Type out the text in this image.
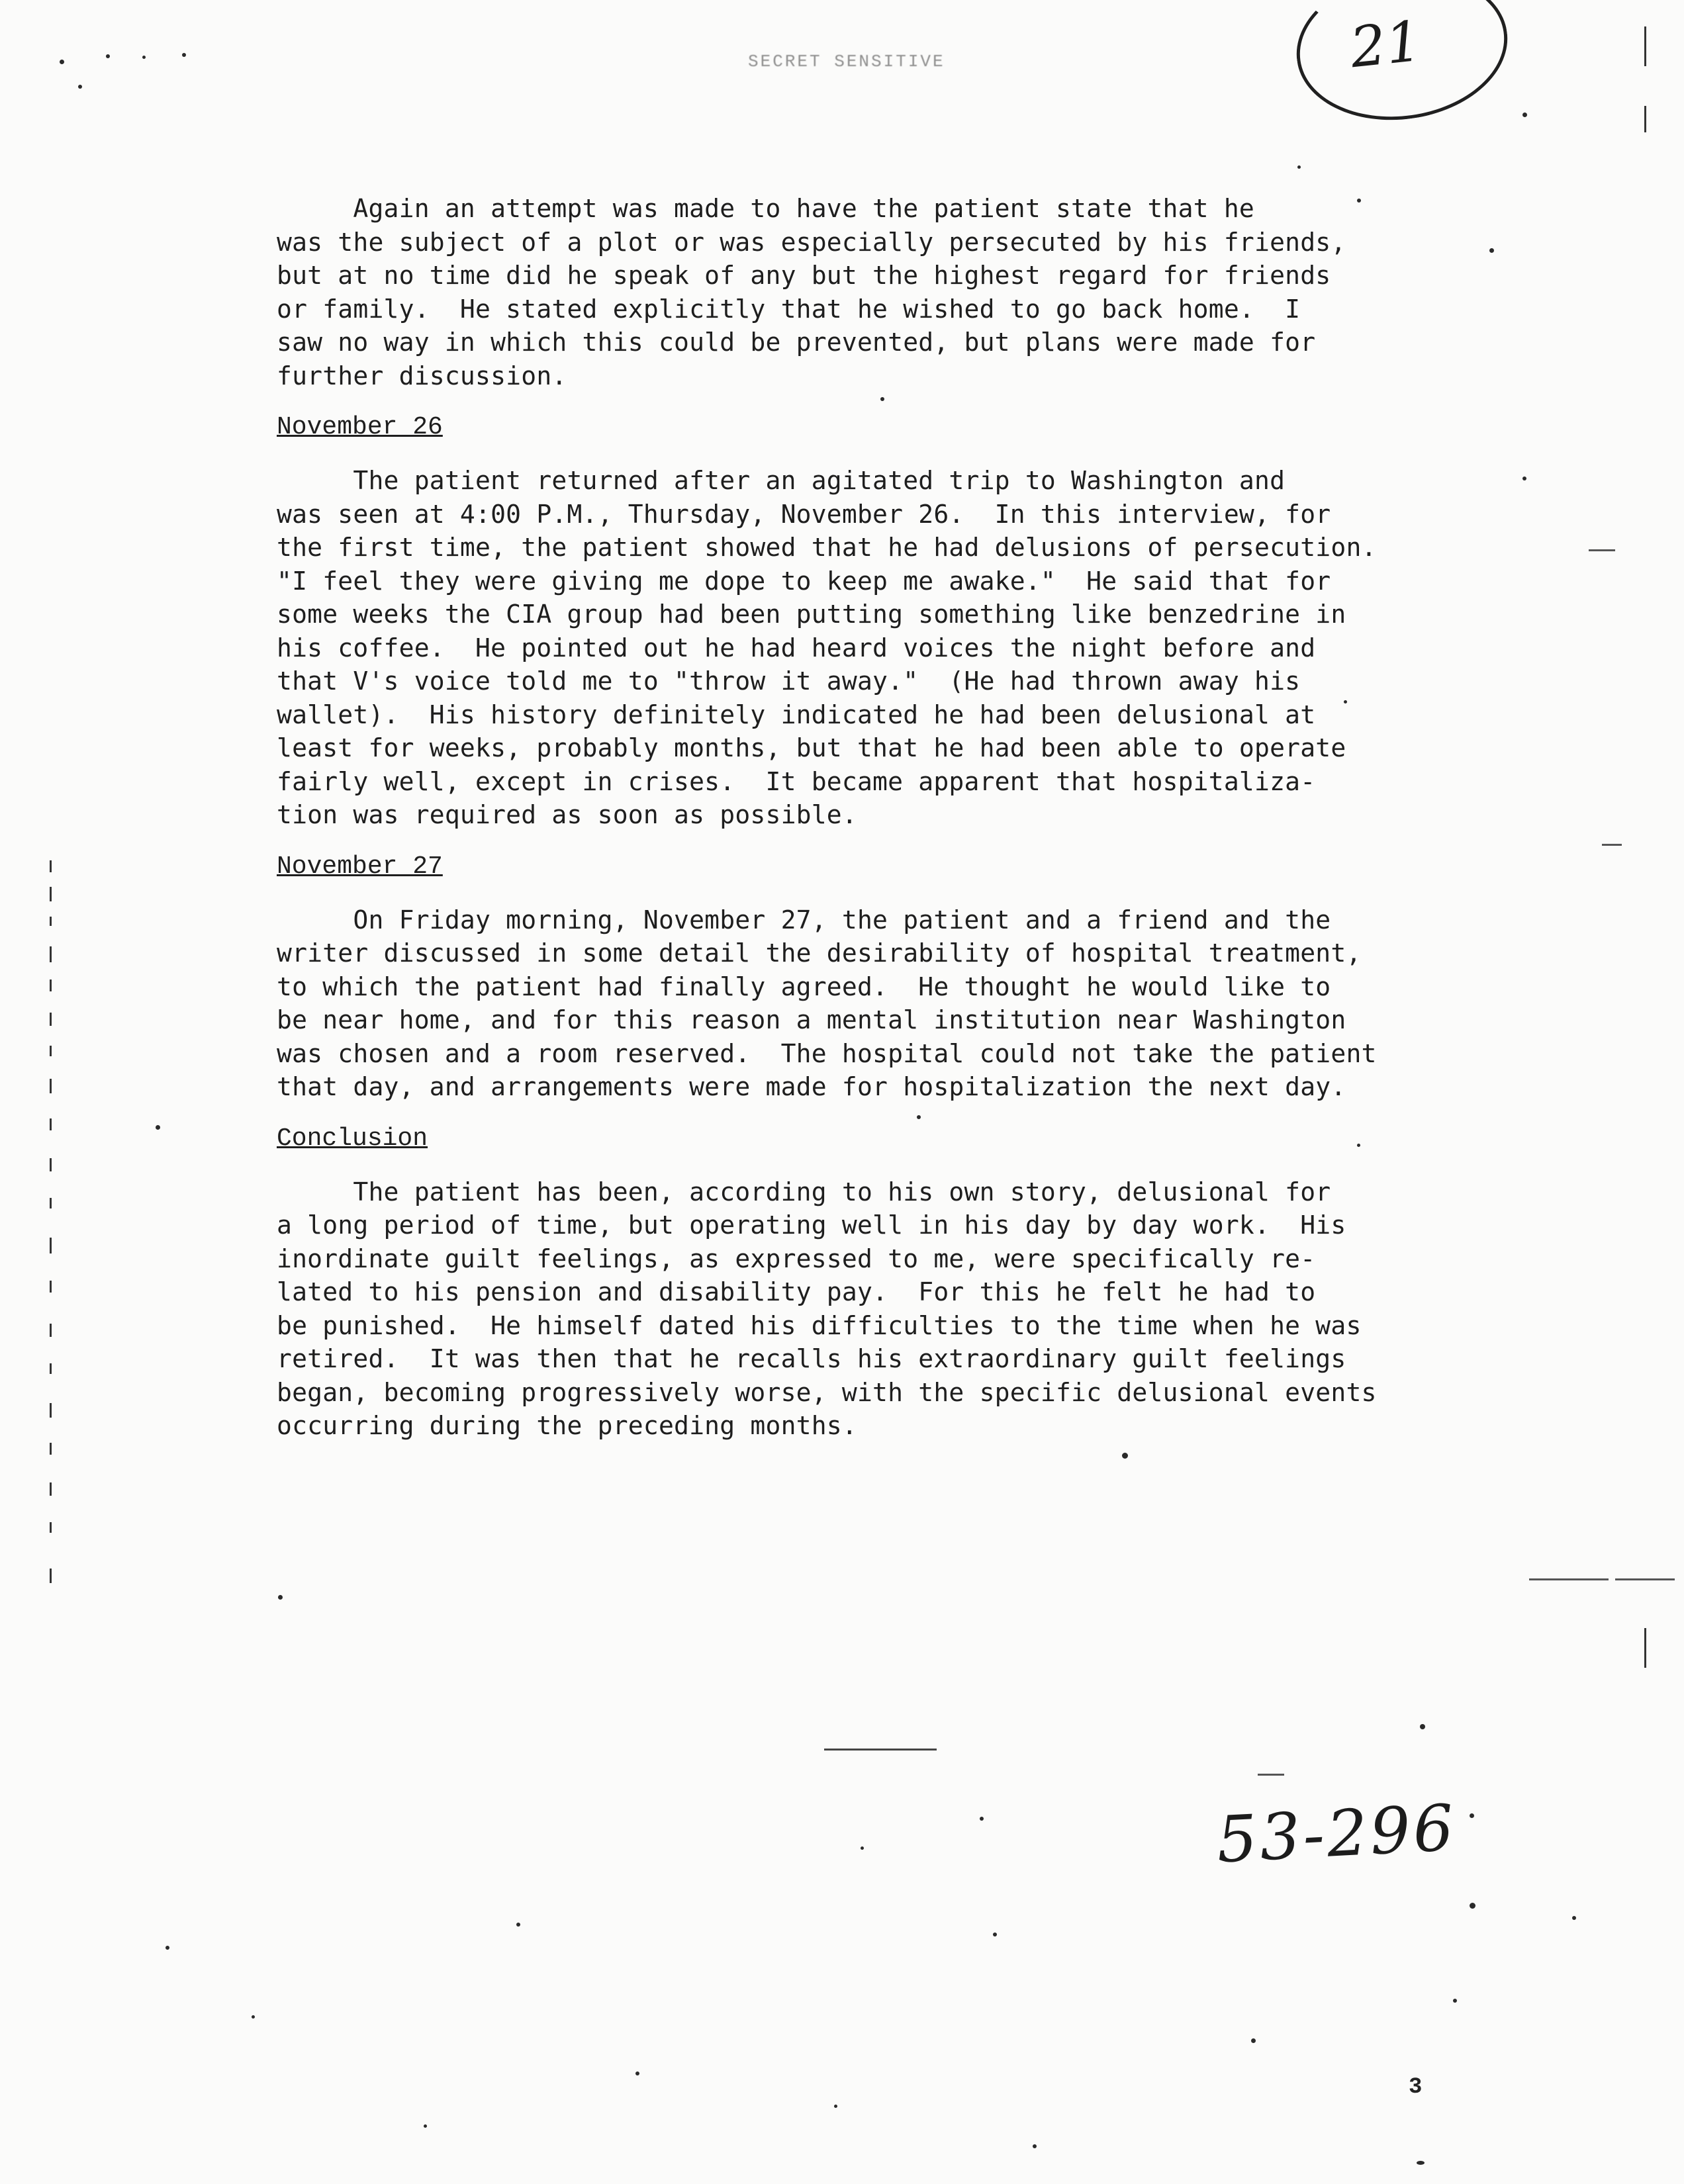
SECRET SENSITIVE	21
Again an attempt was made to have the patient state that he
was the subject of a plot or was especially persecuted by his friends,
but at no time did he speak of any but the highest regard for friends
or family.  He stated explicitly that he wished to go back home.  I
saw no way in which this could be prevented, but plans were made for
further discussion.
November 26
The patient returned after an agitated trip to Washington and
was seen at 4:00 P.M., Thursday, November 26.  In this interview, for
the first time, the patient showed that he had delusions of persecution.
"I feel they were giving me dope to keep me awake."  He said that for
some weeks the CIA group had been putting something like benzedrine in
his coffee.  He pointed out he had heard voices the night before and
that V's voice told me to "throw it away."  (He had thrown away his
wallet).  His history definitely indicated he had been delusional at
least for weeks, probably months, but that he had been able to operate
fairly well, except in crises.  It became apparent that hospitaliza-
tion was required as soon as possible.
November 27
On Friday morning, November 27, the patient and a friend and the
writer discussed in some detail the desirability of hospital treatment,
to which the patient had finally agreed.  He thought he would like to
be near home, and for this reason a mental institution near Washington
was chosen and a room reserved.  The hospital could not take the patient
that day, and arrangements were made for hospitalization the next day.
Conclusion
The patient has been, according to his own story, delusional for
a long period of time, but operating well in his day by day work.  His
inordinate guilt feelings, as expressed to me, were specifically re-
lated to his pension and disability pay.  For this he felt he had to
be punished.  He himself dated his difficulties to the time when he was
retired.  It was then that he recalls his extraordinary guilt feelings
began, becoming progressively worse, with the specific delusional events
occurring during the preceding months.
53-296
3
